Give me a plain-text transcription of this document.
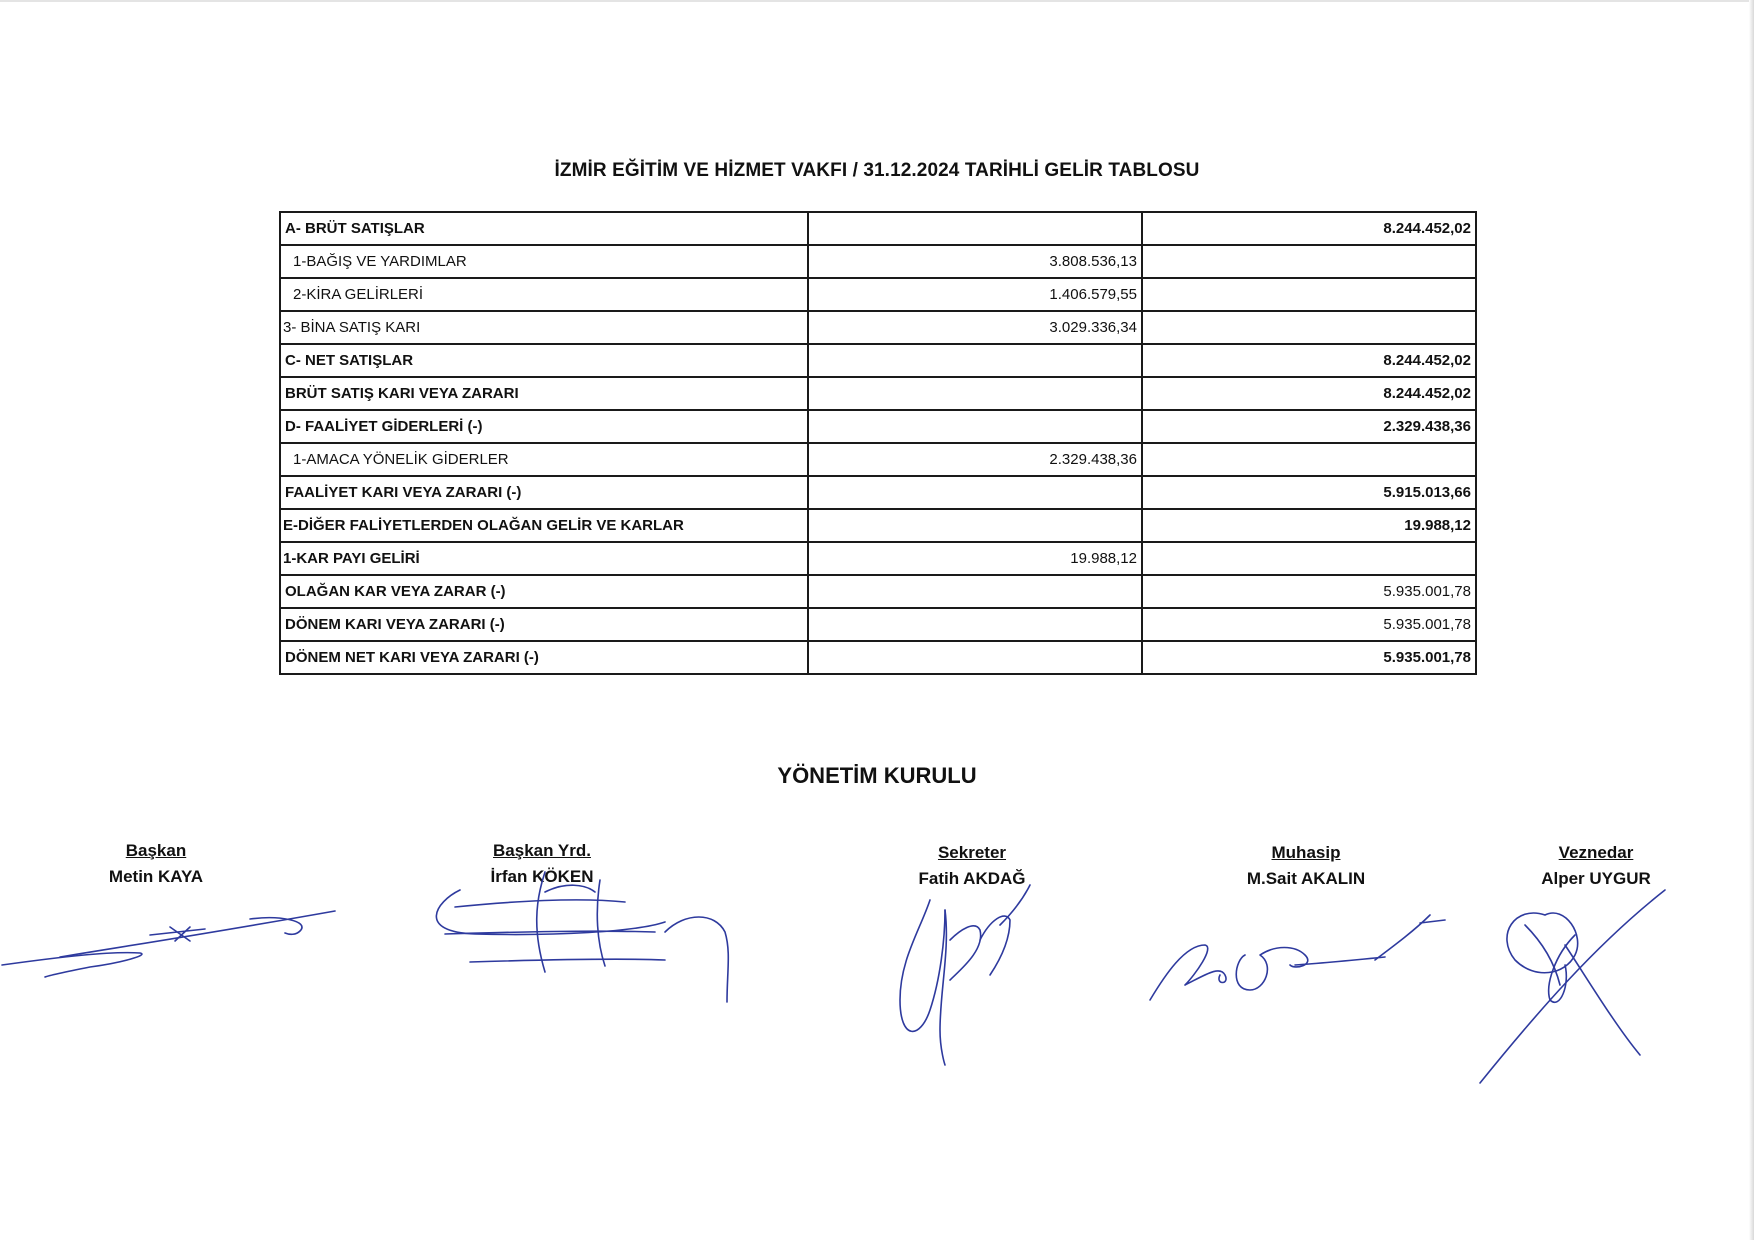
İZMİR EĞİTİM VE HİZMET VAKFI / 31.12.2024 TARİHLİ GELİR TABLOSU
A- BRÜT SATIŞLAR		8.244.452,02
1-BAĞIŞ VE YARDIMLAR	3.808.536,13	
2-KİRA GELİRLERİ	1.406.579,55	
3- BİNA SATIŞ KARI	3.029.336,34	
C- NET SATIŞLAR		8.244.452,02
BRÜT SATIŞ KARI VEYA ZARARI		8.244.452,02
D- FAALİYET GİDERLERİ (-)		2.329.438,36
1-AMACA YÖNELİK GİDERLER	2.329.438,36	
FAALİYET KARI VEYA ZARARI (-)		5.915.013,66
E-DİĞER FALİYETLERDEN OLAĞAN GELİR VE KARLAR		19.988,12
1-KAR PAYI GELİRİ	19.988,12	
OLAĞAN KAR VEYA ZARAR (-)		5.935.001,78
DÖNEM KARI VEYA ZARARI (-)		5.935.001,78
DÖNEM NET KARI VEYA ZARARI (-)		5.935.001,78
YÖNETİM KURULU
Başkan
Metin KAYA
Başkan Yrd.
İrfan KÖKEN
Sekreter
Fatih AKDAĞ
Muhasip
M.Sait AKALIN
Veznedar
Alper UYGUR
